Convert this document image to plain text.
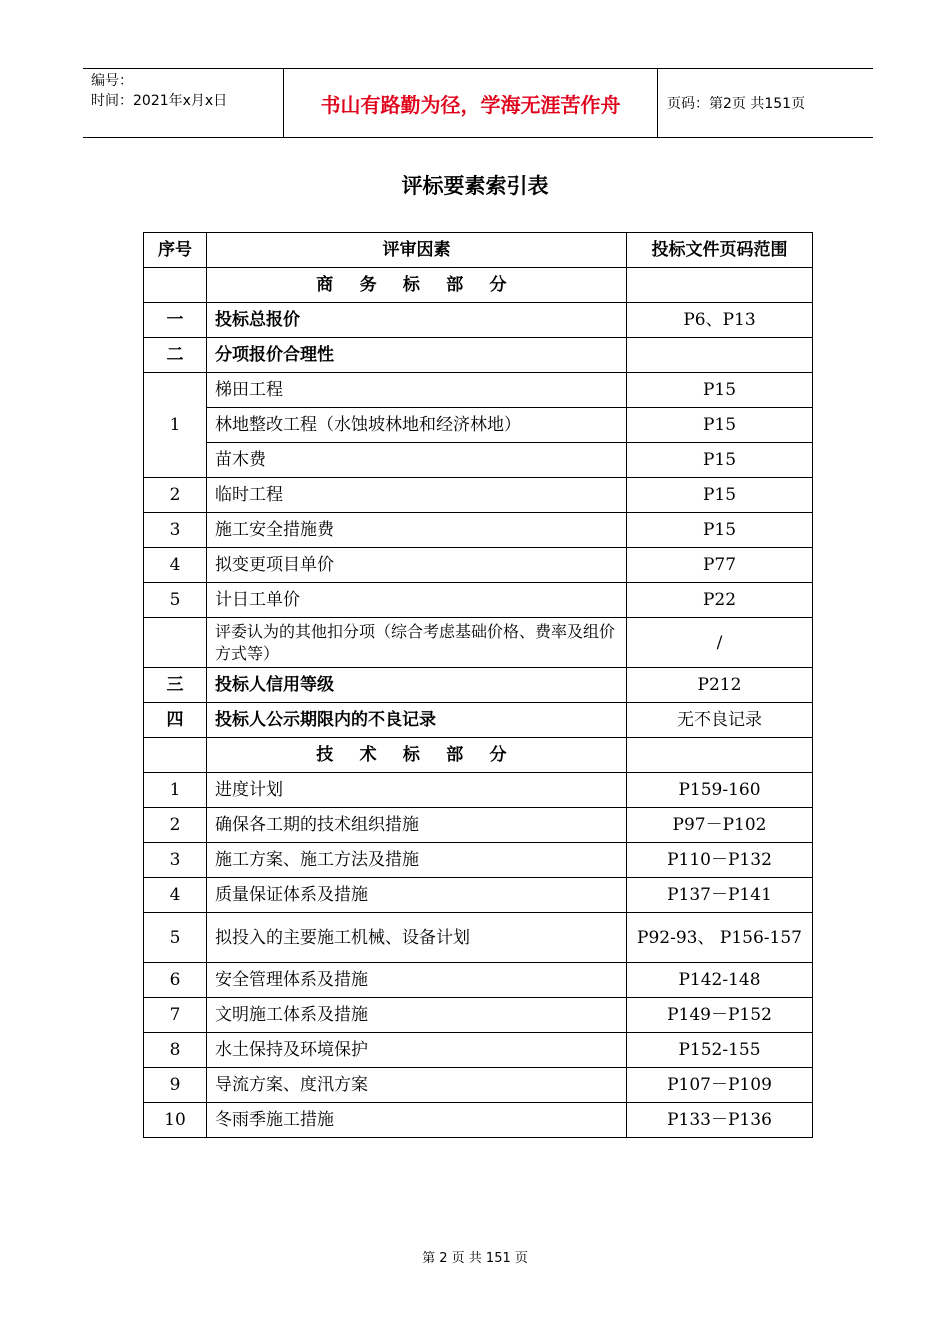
编号：
时间：2021年x月x日	书山有路勤为径，学海无涯苦作舟	页码：第2页 共151页
评标要素索引表
序号	评审因素	投标文件页码范围
	商 务 标 部 分	
一	投标总报价	P6、P13
二	分项报价合理性	
1	梯田工程	P15
	林地整改工程（水蚀坡林地和经济林地）	P15
	苗木费	P15
2	临时工程	P15
3	施工安全措施费	P15
4	拟变更项目单价	P77
5	计日工单价	P22
	评委认为的其他扣分项（综合考虑基础价格、费率及组价方式等）	/
三	投标人信用等级	P212
四	投标人公示期限内的不良记录	无不良记录
	技 术 标 部 分	
1	进度计划	P159-160
2	确保各工期的技术组织措施	P97－P102
3	施工方案、施工方法及措施	P110－P132
4	质量保证体系及措施	P137－P141
5	拟投入的主要施工机械、设备计划	P92-93、 P156-157
6	安全管理体系及措施	P142-148
7	文明施工体系及措施	P149－P152
8	水土保持及环境保护	P152-155
9	导流方案、度汛方案	P107－P109
10	冬雨季施工措施	P133－P136
第 2 页 共 151 页
